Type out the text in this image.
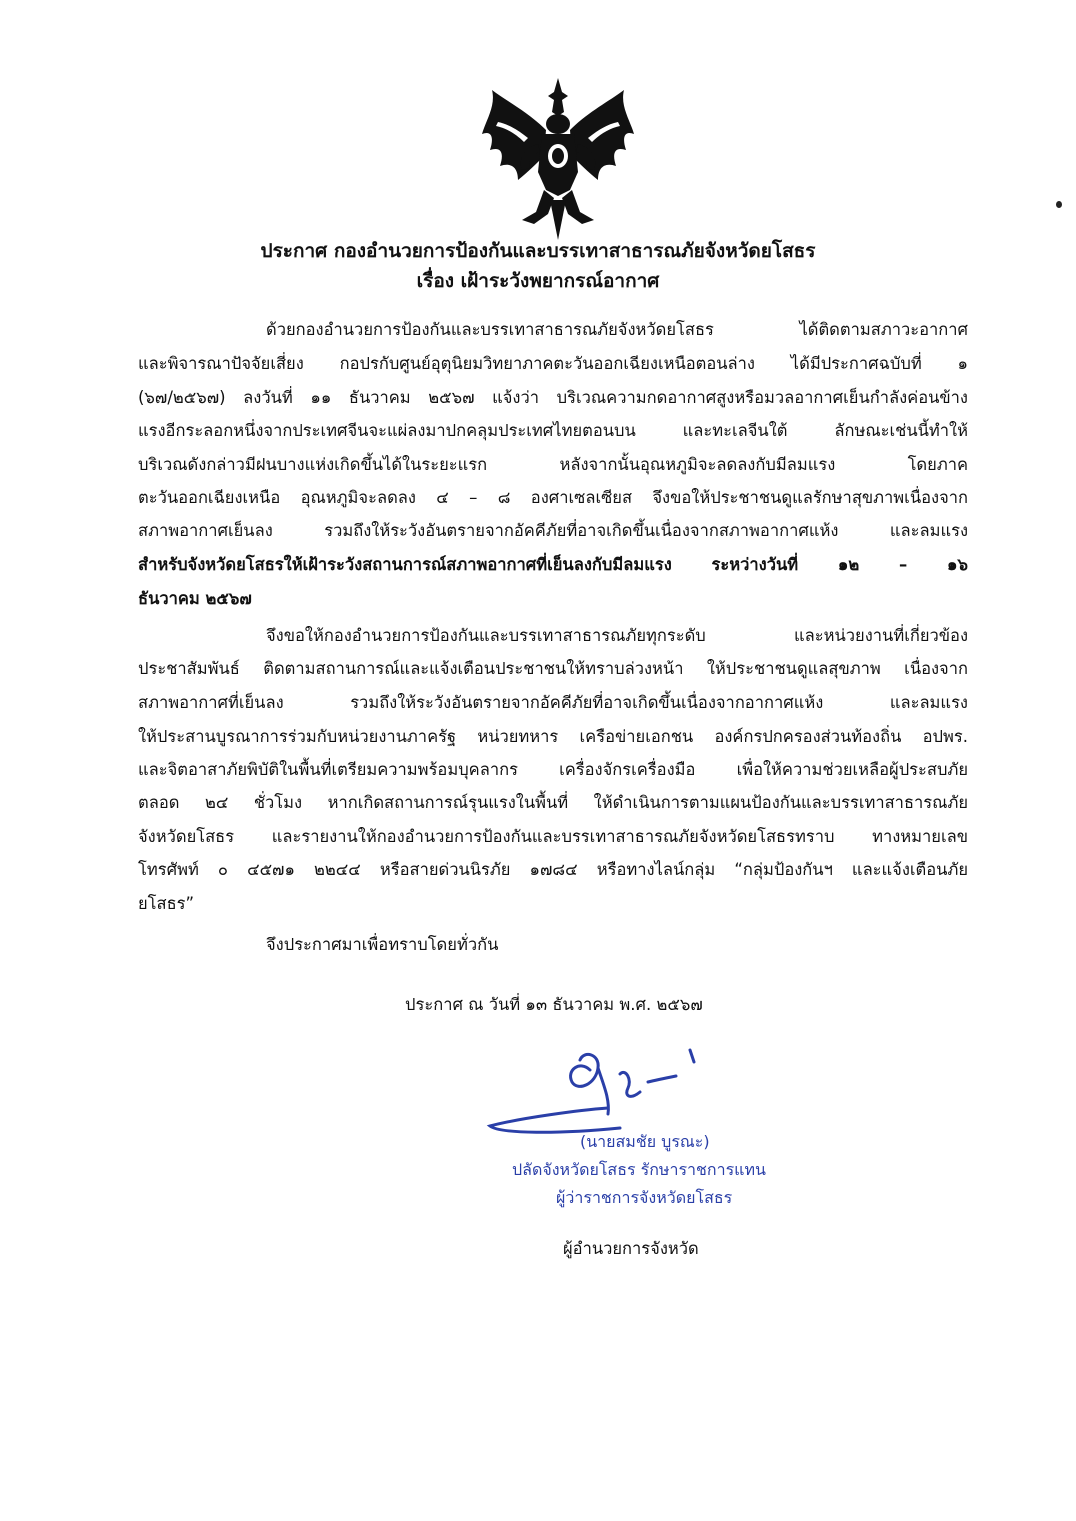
ประกาศ กองอำนวยการป้องกันและบรรเทาสาธารณภัยจังหวัดยโสธร
เรื่อง เฝ้าระวังพยากรณ์อากาศ
ด้วยกองอำนวยการป้องกันและบรรเทาสาธารณภัยจังหวัดยโสธร ได้ติดตามสภาวะอากาศ
และพิจารณาปัจจัยเสี่ยง กอปรกับศูนย์อุตุนิยมวิทยาภาคตะวันออกเฉียงเหนือตอนล่าง ได้มีประกาศฉบับที่ ๑
(๖๗/๒๕๖๗) ลงวันที่ ๑๑ ธันวาคม ๒๕๖๗ แจ้งว่า บริเวณความกดอากาศสูงหรือมวลอากาศเย็นกำลังค่อนข้าง
แรงอีกระลอกหนึ่งจากประเทศจีนจะแผ่ลงมาปกคลุมประเทศไทยตอนบน และทะเลจีนใต้ ลักษณะเช่นนี้ทำให้
บริเวณดังกล่าวมีฝนบางแห่งเกิดขึ้นได้ในระยะแรก หลังจากนั้นอุณหภูมิจะลดลงกับมีลมแรง โดยภาค
ตะวันออกเฉียงเหนือ อุณหภูมิจะลดลง ๔ – ๘ องศาเซลเซียส จึงขอให้ประชาชนดูแลรักษาสุขภาพเนื่องจาก
สภาพอากาศเย็นลง รวมถึงให้ระวังอันตรายจากอัคคีภัยที่อาจเกิดขึ้นเนื่องจากสภาพอากาศแห้ง และลมแรง
สำหรับจังหวัดยโสธรให้เฝ้าระวังสถานการณ์สภาพอากาศที่เย็นลงกับมีลมแรง ระหว่างวันที่ ๑๒ – ๑๖
ธันวาคม ๒๕๖๗
จึงขอให้กองอำนวยการป้องกันและบรรเทาสาธารณภัยทุกระดับ และหน่วยงานที่เกี่ยวข้อง
ประชาสัมพันธ์ ติดตามสถานการณ์และแจ้งเตือนประชาชนให้ทราบล่วงหน้า ให้ประชาชนดูแลสุขภาพ เนื่องจาก
สภาพอากาศที่เย็นลง รวมถึงให้ระวังอันตรายจากอัคคีภัยที่อาจเกิดขึ้นเนื่องจากอากาศแห้ง และลมแรง
ให้ประสานบูรณาการร่วมกับหน่วยงานภาครัฐ หน่วยทหาร เครือข่ายเอกชน องค์กรปกครองส่วนท้องถิ่น อปพร.
และจิตอาสาภัยพิบัติในพื้นที่เตรียมความพร้อมบุคลากร เครื่องจักรเครื่องมือ เพื่อให้ความช่วยเหลือผู้ประสบภัย
ตลอด ๒๔ ชั่วโมง หากเกิดสถานการณ์รุนแรงในพื้นที่ ให้ดำเนินการตามแผนป้องกันและบรรเทาสาธารณภัย
จังหวัดยโสธร และรายงานให้กองอำนวยการป้องกันและบรรเทาสาธารณภัยจังหวัดยโสธรทราบ ทางหมายเลข
โทรศัพท์ ๐ ๔๕๗๑ ๒๒๔๔ หรือสายด่วนนิรภัย ๑๗๘๔ หรือทางไลน์กลุ่ม “กลุ่มป้องกันฯ และแจ้งเตือนภัย
ยโสธร”
จึงประกาศมาเพื่อทราบโดยทั่วกัน
ประกาศ ณ วันที่ ๑๓ ธันวาคม พ.ศ. ๒๕๖๗
(นายสมชัย บูรณะ)
ปลัดจังหวัดยโสธร รักษาราชการแทน
ผู้ว่าราชการจังหวัดยโสธร
ผู้อำนวยการจังหวัด
